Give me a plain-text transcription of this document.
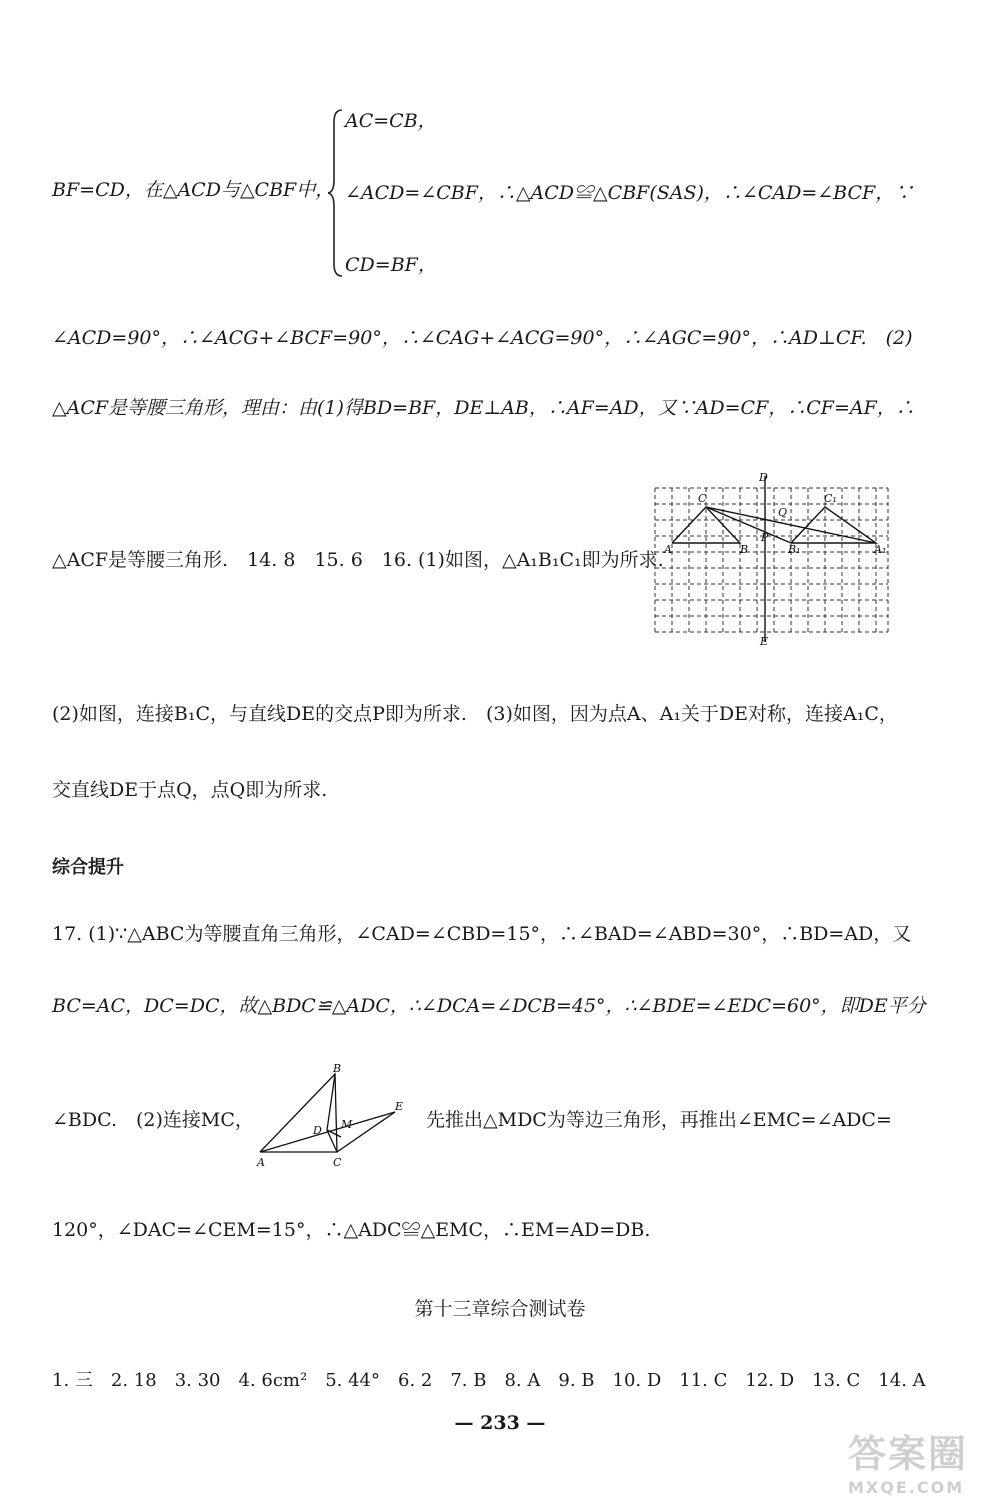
BF=CD，在△ACD与△CBF中，
AC=CB，
∠ACD=∠CBF，∴△ACD≌△CBF(SAS)，∴∠CAD=∠BCF，∵
CD=BF，
∠ACD=90°，∴∠ACG+∠BCF=90°，∴∠CAG+∠ACG=90°，∴∠AGC=90°，∴AD⊥CF.　(2)
△ACF是等腰三角形，理由：由(1)得BD=BF，DE⊥AB，∴AF=AD，又∵AD=CF，∴CF=AF，∴
△ACF是等腰三角形.　14. 8　15. 6　16. (1)如图，△A₁B₁C₁即为所求.
D
C	C₁
Q
P
A	B	B₁	A₁
E
(2)如图，连接B₁C，与直线DE的交点P即为所求.　(3)如图，因为点A、A₁关于DE对称，连接A₁C，
交直线DE于点Q，点Q即为所求.
综合提升
17. (1)∵△ABC为等腰直角三角形，∠CAD=∠CBD=15°，∴∠BAD=∠ABD=30°，∴BD=AD，又
BC=AC，DC=DC，故△BDC≌△ADC，∴∠DCA=∠DCB=45°，∴∠BDE=∠EDC=60°，即DE平分
∠BDC.　(2)连接MC，
B
D M
E
A	C
先推出△MDC为等边三角形，再推出∠EMC=∠ADC=
120°，∠DAC=∠CEM=15°，∴△ADC≌△EMC，∴EM=AD=DB.
第十三章综合测试卷
1. 三　2. 18　3. 30　4. 6cm²　5. 44°　6. 2　7. B　8. A　9. B　10. D　11. C　12. D　13. C　14. A
— 233 —
答案圈
MXQE.COM
